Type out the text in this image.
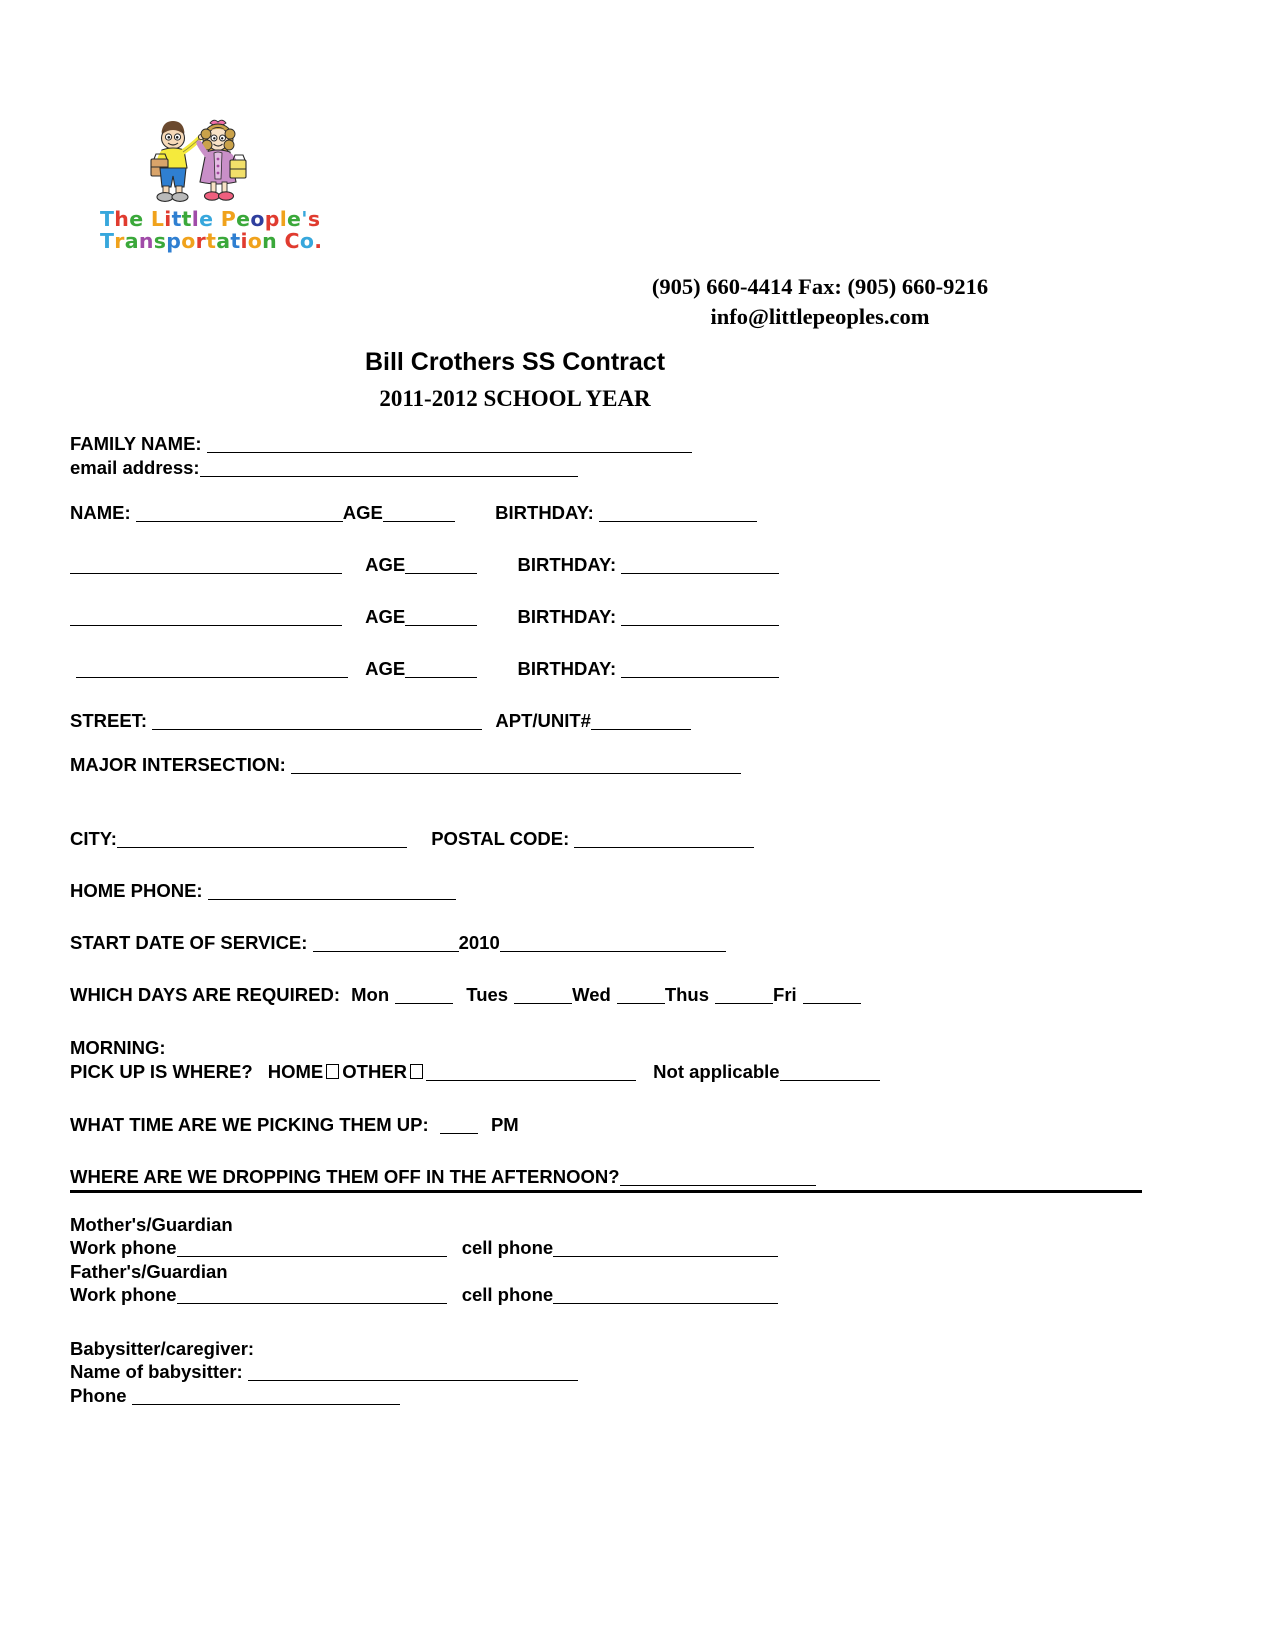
The Little People's
Transportation Co.
(905) 660-4414 Fax: (905) 660-9216
info@littlepeoples.com
Bill Crothers SS Contract
2011-2012 SCHOOL YEAR
FAMILY NAME:
email address:
NAME:	AGE	BIRTHDAY:
AGE	BIRTHDAY:
AGE	BIRTHDAY:
AGE	BIRTHDAY:
STREET:	APT/UNIT#
MAJOR INTERSECTION:
CITY:	POSTAL CODE:
HOME PHONE:
START DATE OF SERVICE:	2010
WHICH DAYS ARE REQUIRED: Mon	Tues	Wed	Thus	Fri
MORNING:
PICK UP IS WHERE? HOME OTHER	Not applicable
WHAT TIME ARE WE PICKING THEM UP:	PM
WHERE ARE WE DROPPING THEM OFF IN THE AFTERNOON?
Mother's/Guardian
Work phone	cell phone
Father's/Guardian
Work phone	cell phone
Babysitter/caregiver:
Name of babysitter:
Phone
